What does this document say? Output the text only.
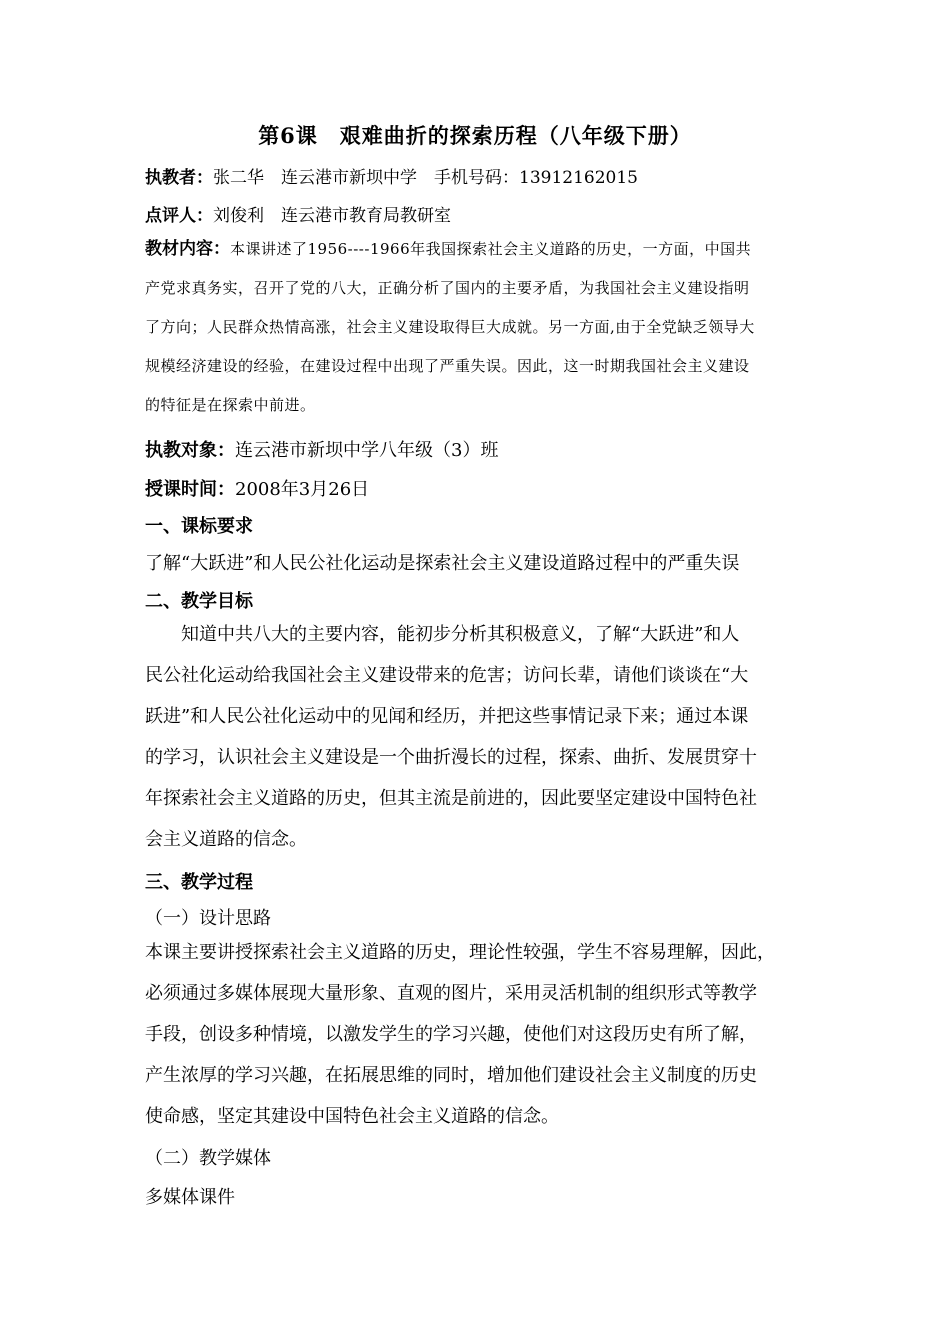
第6课　艰难曲折的探索历程（八年级下册）
执教者：张二华　连云港市新坝中学　手机号码：13912162015
点评人：刘俊利　连云港市教育局教研室

教材内容：本课讲述了1956----1966年我国探索社会主义道路的历史，一方面，中国共

产党求真务实，召开了党的八大，正确分析了国内的主要矛盾，为我国社会主义建设指明

了方向；人民群众热情高涨，社会主义建设取得巨大成就。另一方面,由于全党缺乏领导大

规模经济建设的经验，在建设过程中出现了严重失误。因此，这一时期我国社会主义建设

的特征是在探索中前进。

执教对象：连云港市新坝中学八年级（3）班
授课时间：2008年3月26日
一、课标要求
了解“大跃进”和人民公社化运动是探索社会主义建设道路过程中的严重失误
二、教学目标

　　知道中共八大的主要内容，能初步分析其积极意义，了解“大跃进”和人

民公社化运动给我国社会主义建设带来的危害；访问长辈，请他们谈谈在“大

跃进”和人民公社化运动中的见闻和经历，并把这些事情记录下来；通过本课

的学习，认识社会主义建设是一个曲折漫长的过程，探索、曲折、发展贯穿十

年探索社会主义道路的历史，但其主流是前进的，因此要坚定建设中国特色社

会主义道路的信念。

三、教学过程
（一）设计思路

本课主要讲授探索社会主义道路的历史，理论性较强，学生不容易理解，因此，

必须通过多媒体展现大量形象、直观的图片，采用灵活机制的组织形式等教学

手段，创设多种情境，以激发学生的学习兴趣，使他们对这段历史有所了解，

产生浓厚的学习兴趣，在拓展思维的同时，增加他们建设社会主义制度的历史

使命感，坚定其建设中国特色社会主义道路的信念。

（二）教学媒体
多媒体课件
